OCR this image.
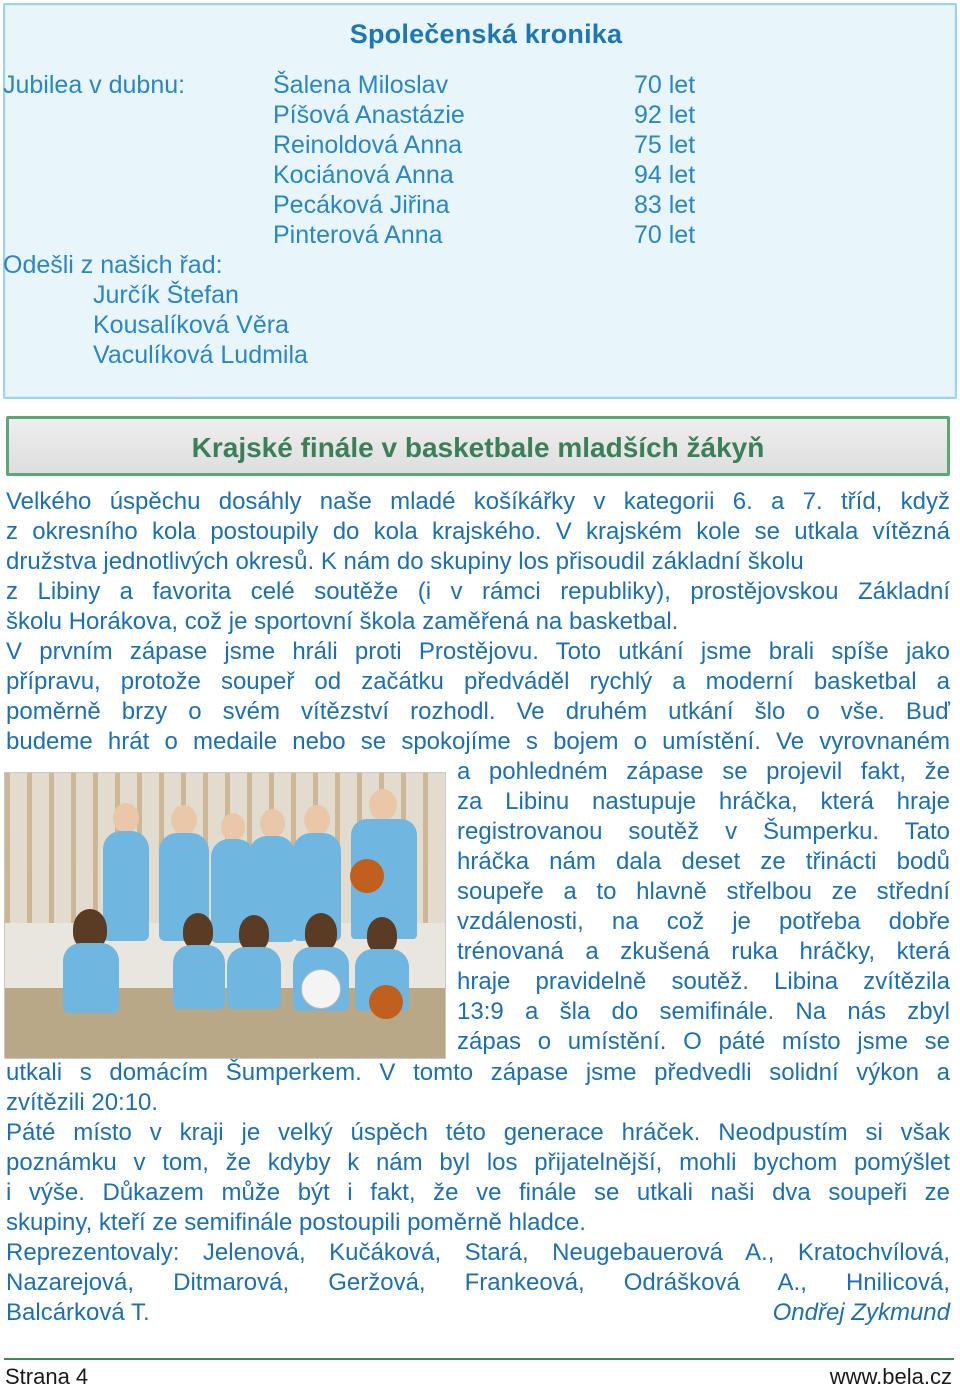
Společenská kronika
Jubilea v dubnu:	Šalena Miloslav	70 let
Píšová Anastázie	92 let
Reinoldová Anna	75 let
Kociánová Anna	94 let
Pecáková Jiřina	83 let
Pinterová Anna	70 let
Odešli z našich řad:
Jurčík Štefan
Kousalíková Věra
Vaculíková Ludmila
Krajské finále v basketbale mladších žákyň
Velkého úspěchu dosáhly naše mladé košíkářky v kategorii 6. a 7. tříd, když
z okresního kola postoupily do kola krajského. V krajském kole se utkala vítězná
družstva jednotlivých okresů. K nám do skupiny los přisoudil základní školu
z Libiny a favorita celé soutěže (i v rámci republiky), prostějovskou Základní
školu Horákova, což je sportovní škola zaměřená na basketbal.
V prvním zápase jsme hráli proti Prostějovu. Toto utkání jsme brali spíše jako
přípravu, protože soupeř od začátku předváděl rychlý a moderní basketbal a
poměrně brzy o svém vítězství rozhodl. Ve druhém utkání šlo o vše. Buď
budeme hrát o medaile nebo se spokojíme s bojem o umístění. Ve vyrovnaném
a pohledném zápase se projevil fakt, že
za Libinu nastupuje hráčka, která hraje
registrovanou soutěž v Šumperku. Tato
hráčka nám dala deset ze třinácti bodů
soupeře a to hlavně střelbou ze střední
vzdálenosti, na což je potřeba dobře
trénovaná a zkušená ruka hráčky, která
hraje pravidelně soutěž. Libina zvítězila
13:9 a šla do semifinále. Na nás zbyl
zápas o umístění. O páté místo jsme se
utkali s domácím Šumperkem. V tomto zápase jsme předvedli solidní výkon a
zvítězili 20:10.
Páté místo v kraji je velký úspěch této generace hráček. Neodpustím si však
poznámku v tom, že kdyby k nám byl los přijatelnější, mohli bychom pomýšlet
i výše. Důkazem může být i fakt, že ve finále se utkali naši dva soupeři ze
skupiny, kteří ze semifinále postoupili poměrně hladce.
Reprezentovaly: Jelenová, Kučáková, Stará, Neugebauerová A., Kratochvílová,
Nazarejová, Ditmarová, Geržová, Frankeová, Odrášková A., Hnilicová,
Balcárková T.	Ondřej Zykmund
Strana 4	www.bela.cz
